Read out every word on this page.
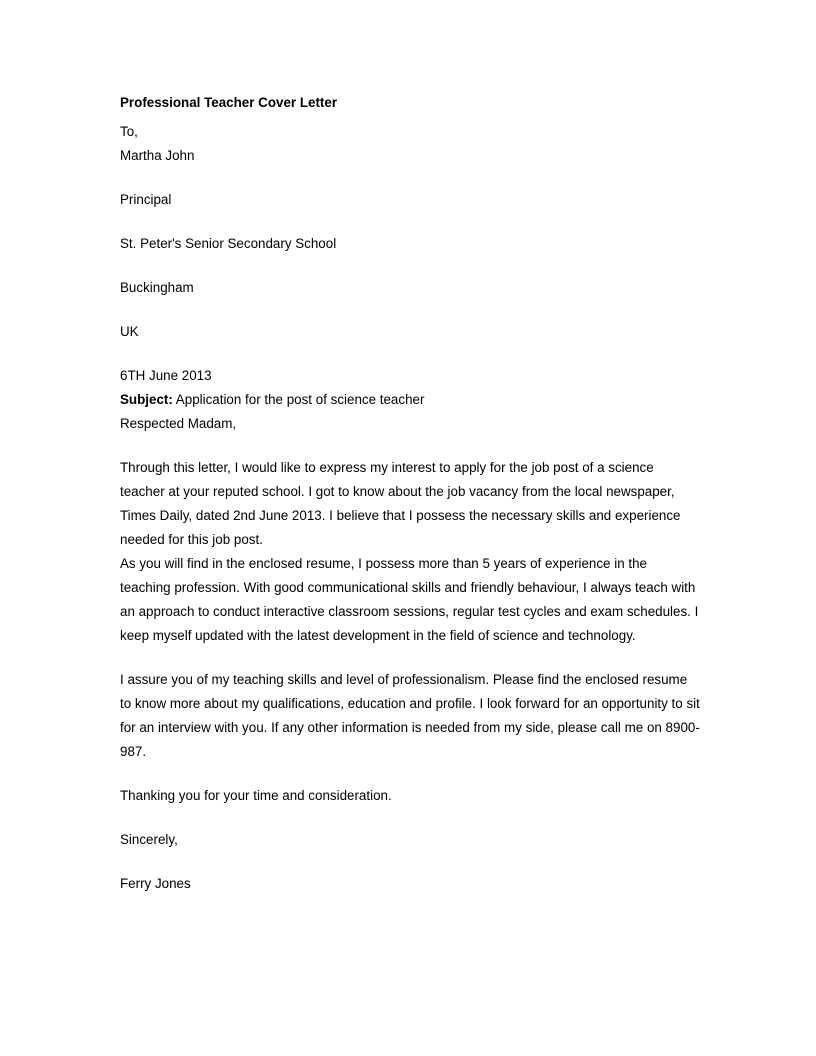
Professional Teacher Cover Letter

To,

Martha John

Principal

St. Peter's Senior Secondary School

Buckingham

UK

6TH June 2013

Subject: Application for the post of science teacher

Respected Madam,

Through this letter, I would like to express my interest to apply for the job post of a science teacher at your reputed school. I got to know about the job vacancy from the local newspaper, Times Daily, dated 2nd June 2013. I believe that I possess the necessary skills and experience needed for this job post.

As you will find in the enclosed resume, I possess more than 5 years of experience in the teaching profession. With good communicational skills and friendly behaviour, I always teach with an approach to conduct interactive classroom sessions, regular test cycles and exam schedules. I keep myself updated with the latest development in the field of science and technology.

I assure you of my teaching skills and level of professionalism. Please find the enclosed resume to know more about my qualifications, education and profile. I look forward for an opportunity to sit for an interview with you. If any other information is needed from my side, please call me on 8900-987.

Thanking you for your time and consideration.

Sincerely,

Ferry Jones
